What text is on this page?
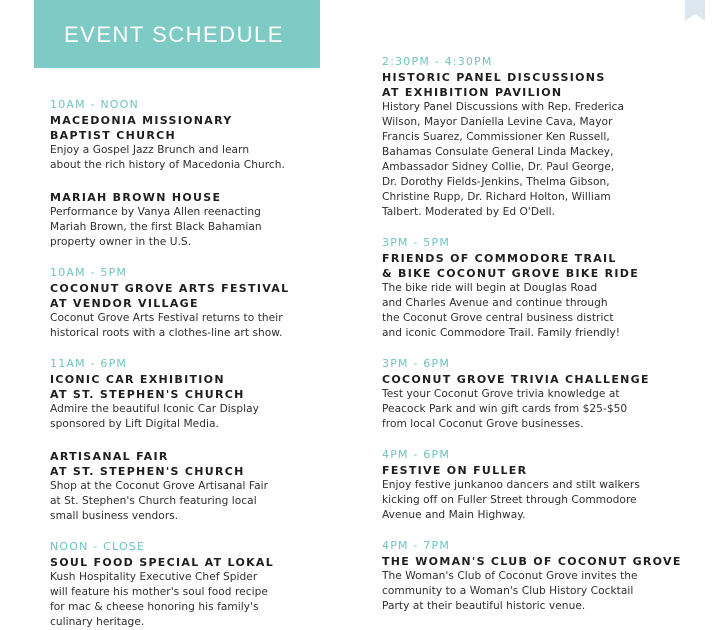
EVENT SCHEDULE
10AM - NOON
MACEDONIA MISSIONARY
BAPTIST CHURCH
Enjoy a Gospel Jazz Brunch and learn
about the rich history of Macedonia Church.
MARIAH BROWN HOUSE
Performance by Vanya Allen reenacting
Mariah Brown, the first Black Bahamian
property owner in the U.S.
10AM - 5PM
COCONUT GROVE ARTS FESTIVAL
AT VENDOR VILLAGE
Coconut Grove Arts Festival returns to their
historical roots with a clothes-line art show.
11AM - 6PM
ICONIC CAR EXHIBITION
AT ST. STEPHEN'S CHURCH
Admire the beautiful Iconic Car Display
sponsored by Lift Digital Media.
ARTISANAL FAIR
AT ST. STEPHEN'S CHURCH
Shop at the Coconut Grove Artisanal Fair
at St. Stephen's Church featuring local
small business vendors.
NOON - CLOSE
SOUL FOOD SPECIAL AT LOKAL
Kush Hospitality Executive Chef Spider
will feature his mother's soul food recipe
for mac & cheese honoring his family's
culinary heritage.
2:30PM - 4:30PM
HISTORIC PANEL DISCUSSIONS
AT EXHIBITION PAVILION
History Panel Discussions with Rep. Frederica
Wilson, Mayor Daniella Levine Cava, Mayor
Francis Suarez, Commissioner Ken Russell,
Bahamas Consulate General Linda Mackey,
Ambassador Sidney Collie, Dr. Paul George,
Dr. Dorothy Fields-Jenkins, Thelma Gibson,
Christine Rupp, Dr. Richard Holton, William
Talbert. Moderated by Ed O'Dell.
3PM - 5PM
FRIENDS OF COMMODORE TRAIL
& BIKE COCONUT GROVE BIKE RIDE
The bike ride will begin at Douglas Road
and Charles Avenue and continue through
the Coconut Grove central business district
and iconic Commodore Trail. Family friendly!
3PM - 6PM
COCONUT GROVE TRIVIA CHALLENGE
Test your Coconut Grove trivia knowledge at
Peacock Park and win gift cards from $25-$50
from local Coconut Grove businesses.
4PM - 6PM
FESTIVE ON FULLER
Enjoy festive junkanoo dancers and stilt walkers
kicking off on Fuller Street through Commodore
Avenue and Main Highway.
4PM - 7PM
THE WOMAN'S CLUB OF COCONUT GROVE
The Woman's Club of Coconut Grove invites the
community to a Woman's Club History Cocktail
Party at their beautiful historic venue.
